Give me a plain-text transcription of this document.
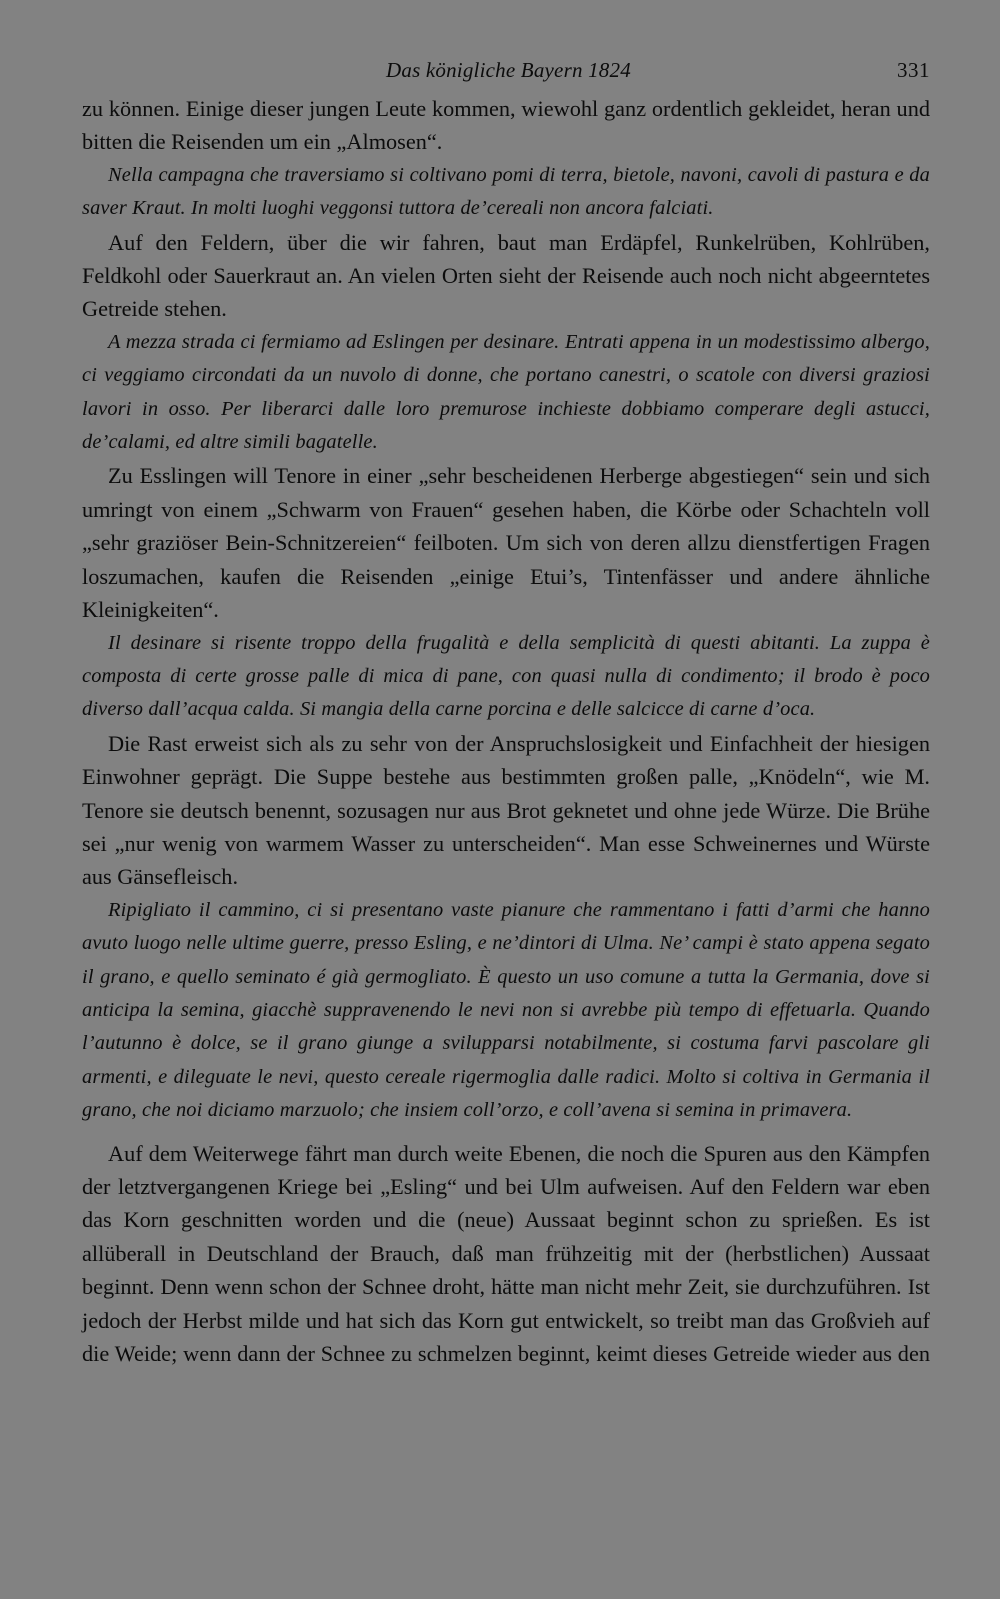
Das königliche Bayern 1824	331

zu können. Einige dieser jungen Leute kommen, wiewohl ganz ordentlich gekleidet, heran und bitten die Reisenden um ein „Almosen“.

Nella campagna che traversiamo si coltivano pomi di terra, bietole, navoni, cavoli di pastura e da saver Kraut. In molti luoghi veggonsi tuttora de’cereali non ancora falciati.

Auf den Feldern, über die wir fahren, baut man Erdäpfel, Runkelrüben, Kohlrüben, Feldkohl oder Sauerkraut an. An vielen Orten sieht der Reisende auch noch nicht abgeerntetes Getreide stehen.

A mezza strada ci fermiamo ad Eslingen per desinare. Entrati appena in un modestissimo albergo, ci veggiamo circondati da un nuvolo di donne, che portano canestri, o scatole con diversi graziosi lavori in osso. Per liberarci dalle loro premurose inchieste dobbiamo comperare degli astucci, de’calami, ed altre simili bagatelle.

Zu Esslingen will Tenore in einer „sehr bescheidenen Herberge abgestiegen“ sein und sich umringt von einem „Schwarm von Frauen“ gesehen haben, die Körbe oder Schachteln voll „sehr graziöser Bein-Schnitzereien“ feilboten. Um sich von deren allzu dienstfertigen Fragen loszumachen, kaufen die Reisenden „einige Etui’s, Tintenfässer und andere ähnliche Kleinigkeiten“.

Il desinare si risente troppo della frugalità e della semplicità di questi abitanti. La zuppa è composta di certe grosse palle di mica di pane, con quasi nulla di condimento; il brodo è poco diverso dall’acqua calda. Si mangia della carne porcina e delle salcicce di carne d’oca.

Die Rast erweist sich als zu sehr von der Anspruchslosigkeit und Einfachheit der hiesigen Einwohner geprägt. Die Suppe bestehe aus bestimmten großen palle, „Knödeln“, wie M. Tenore sie deutsch benennt, sozusagen nur aus Brot geknetet und ohne jede Würze. Die Brühe sei „nur wenig von warmem Wasser zu unterscheiden“. Man esse Schweinernes und Würste aus Gänsefleisch.

Ripigliato il cammino, ci si presentano vaste pianure che rammentano i fatti d’armi che hanno avuto luogo nelle ultime guerre, presso Esling, e ne’dintori di Ulma. Ne’ campi è stato appena segato il grano, e quello seminato é già germogliato. È questo un uso comune a tutta la Germania, dove si anticipa la semina, giacchè suppravenendo le nevi non si avrebbe più tempo di effetuarla. Quando l’autunno è dolce, se il grano giunge a svilupparsi notabilmente, si costuma farvi pascolare gli armenti, e dileguate le nevi, questo cereale rigermoglia dalle radici. Molto si coltiva in Germania il grano, che noi diciamo marzuolo; che insiem coll’orzo, e coll’avena si semina in primavera.

Auf dem Weiterwege fährt man durch weite Ebenen, die noch die Spuren aus den Kämpfen der letztvergangenen Kriege bei „Esling“ und bei Ulm aufweisen. Auf den Feldern war eben das Korn geschnitten worden und die (neue) Aussaat beginnt schon zu sprießen. Es ist allüberall in Deutschland der Brauch, daß man frühzeitig mit der (herbstlichen) Aussaat beginnt. Denn wenn schon der Schnee droht, hätte man nicht mehr Zeit, sie durchzuführen. Ist jedoch der Herbst milde und hat sich das Korn gut entwickelt, so treibt man das Großvieh auf die Weide; wenn dann der Schnee zu schmelzen beginnt, keimt dieses Getreide wieder aus den
